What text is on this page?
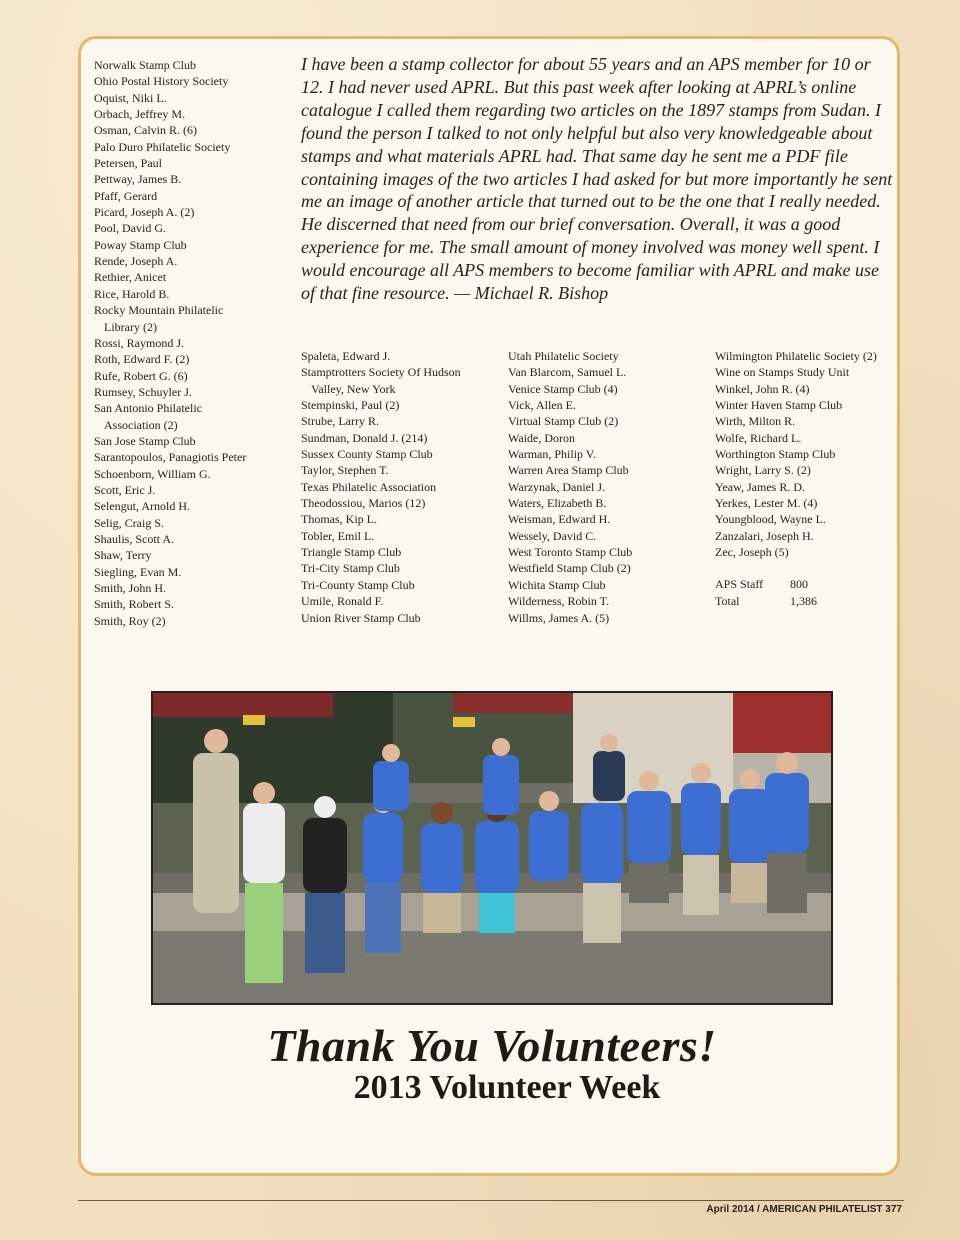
Norwalk Stamp Club
Ohio Postal History Society
Oquist, Niki L.
Orbach, Jeffrey M.
Osman, Calvin R. (6)
Palo Duro Philatelic Society
Petersen, Paul
Pettway, James B.
Pfaff, Gerard
Picard, Joseph A. (2)
Pool, David G.
Poway Stamp Club
Rende, Joseph A.
Rethier, Anicet
Rice, Harold B.
Rocky Mountain Philatelic
Library (2)
Rossi, Raymond J.
Roth, Edward F. (2)
Rufe, Robert G. (6)
Rumsey, Schuyler J.
San Antonio Philatelic
Association (2)
San Jose Stamp Club
Sarantopoulos, Panagiotis Peter
Schoenborn, William G.
Scott, Eric J.
Selengut, Arnold H.
Selig, Craig S.
Shaulis, Scott A.
Shaw, Terry
Siegling, Evan M.
Smith, John H.
Smith, Robert S.
Smith, Roy (2)

I have been a stamp collector for about 55 years and an APS member for 10 or 12. I had never used APRL. But this past week after looking at APRL’s online catalogue I called them regarding two articles on the 1897 stamps from Sudan. I found the person I talked to not only helpful but also very knowledgeable about stamps and what materials APRL had. That same day he sent me a PDF file containing images of the two articles I had asked for but more importantly he sent me an image of another article that turned out to be the one that I really needed. He discerned that need from our brief conversation. Overall, it was a good experience for me. The small amount of money involved was money well spent. I would encourage all APS members to become familiar with APRL and make use of that fine resource. — Michael R. Bishop

Spaleta, Edward J.
Stamptrotters Society Of Hudson
Valley, New York
Stempinski, Paul (2)
Strube, Larry R.
Sundman, Donald J. (214)
Sussex County Stamp Club
Taylor, Stephen T.
Texas Philatelic Association
Theodossiou, Marios (12)
Thomas, Kip L.
Tobler, Emil L.
Triangle Stamp Club
Tri-City Stamp Club
Tri-County Stamp Club
Umile, Ronald F.
Union River Stamp Club
Utah Philatelic Society
Van Blarcom, Samuel L.
Venice Stamp Club (4)
Vick, Allen E.
Virtual Stamp Club (2)
Waide, Doron
Warman, Philip V.
Warren Area Stamp Club
Warzynak, Daniel J.
Waters, Elizabeth B.
Weisman, Edward H.
Wessely, David C.
West Toronto Stamp Club
Westfield Stamp Club (2)
Wichita Stamp Club
Wilderness, Robin T.
Willms, James A. (5)
Wilmington Philatelic Society (2)
Wine on Stamps Study Unit
Winkel, John R. (4)
Winter Haven Stamp Club
Wirth, Milton R.
Wolfe, Richard L.
Worthington Stamp Club
Wright, Larry S. (2)
Yeaw, James R. D.
Yerkes, Lester M. (4)
Youngblood, Wayne L.
Zanzalari, Joseph H.
Zec, Joseph (5)
APS Staff	800
Total	1,386
Thank You Volunteers!
2013 Volunteer Week
April 2014 / AMERICAN PHILATELIST 377
